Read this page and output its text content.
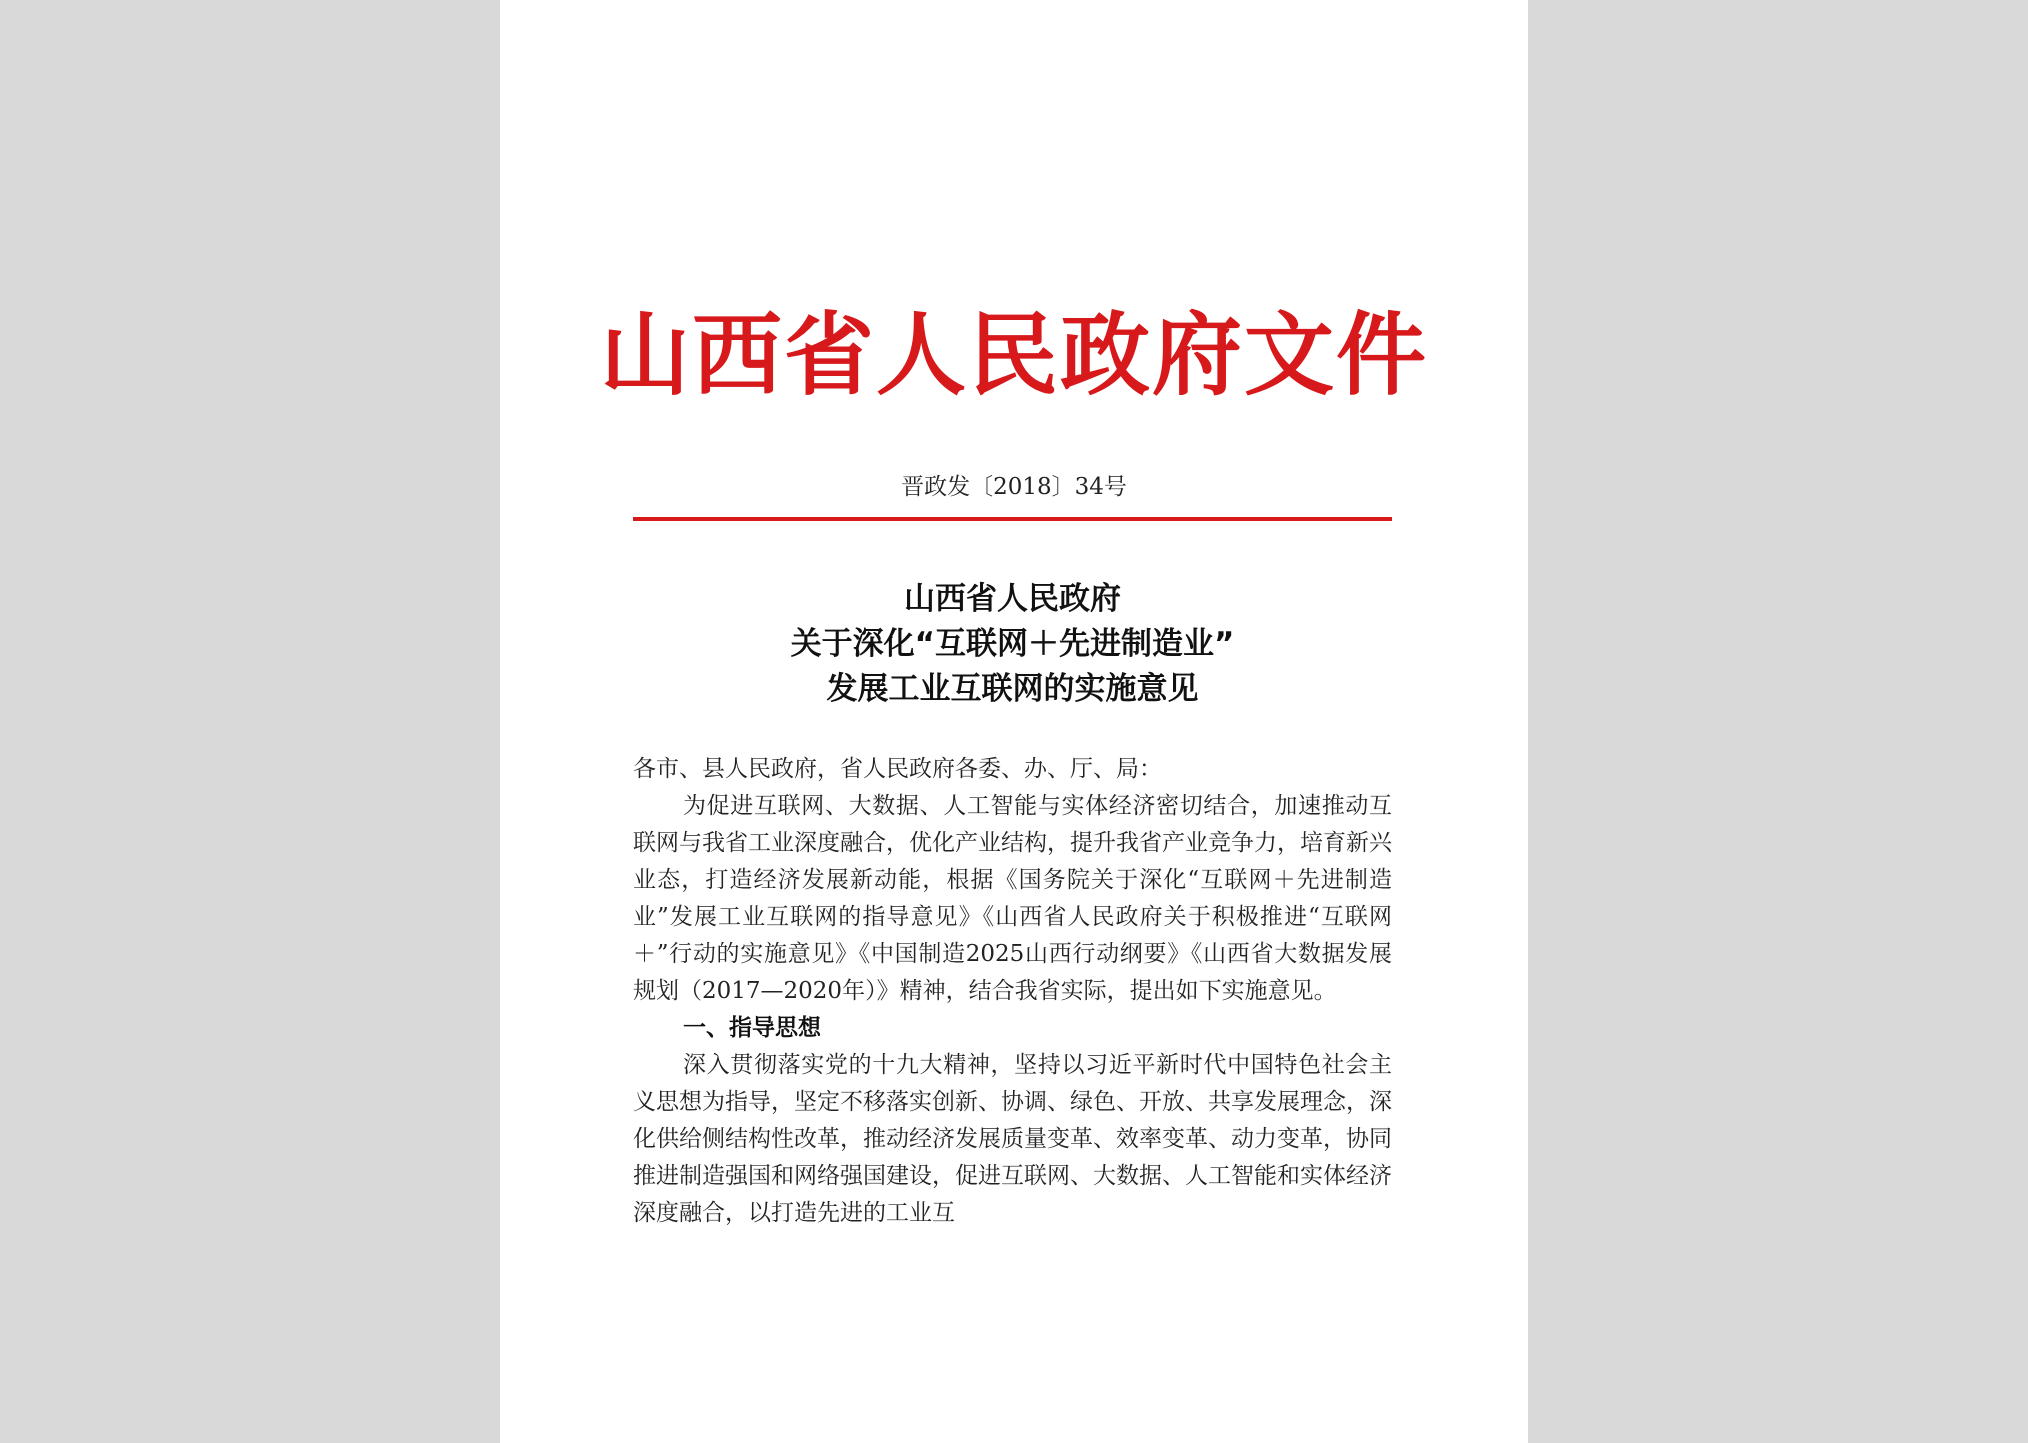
山西省人民政府文件
晋政发〔2018〕34号
山西省人民政府
关于深化“互联网＋先进制造业”
发展工业互联网的实施意见

各市、县人民政府，省人民政府各委、办、厅、局：

为促进互联网、大数据、人工智能与实体经济密切结合，加速推动互联网与我省工业深度融合，优化产业结构，提升我省产业竞争力，培育新兴业态，打造经济发展新动能，根据《国务院关于深化“互联网＋先进制造业”发展工业互联网的指导意见》《山西省人民政府关于积极推进“互联网＋”行动的实施意见》《中国制造2025山西行动纲要》《山西省大数据发展规划（2017—2020年）》精神，结合我省实际，提出如下实施意见。

一、指导思想

深入贯彻落实党的十九大精神，坚持以习近平新时代中国特色社会主义思想为指导，坚定不移落实创新、协调、绿色、开放、共享发展理念，深化供给侧结构性改革，推动经济发展质量变革、效率变革、动力变革，协同推进制造强国和网络强国建设，促进互联网、大数据、人工智能和实体经济深度融合，以打造先进的工业互
